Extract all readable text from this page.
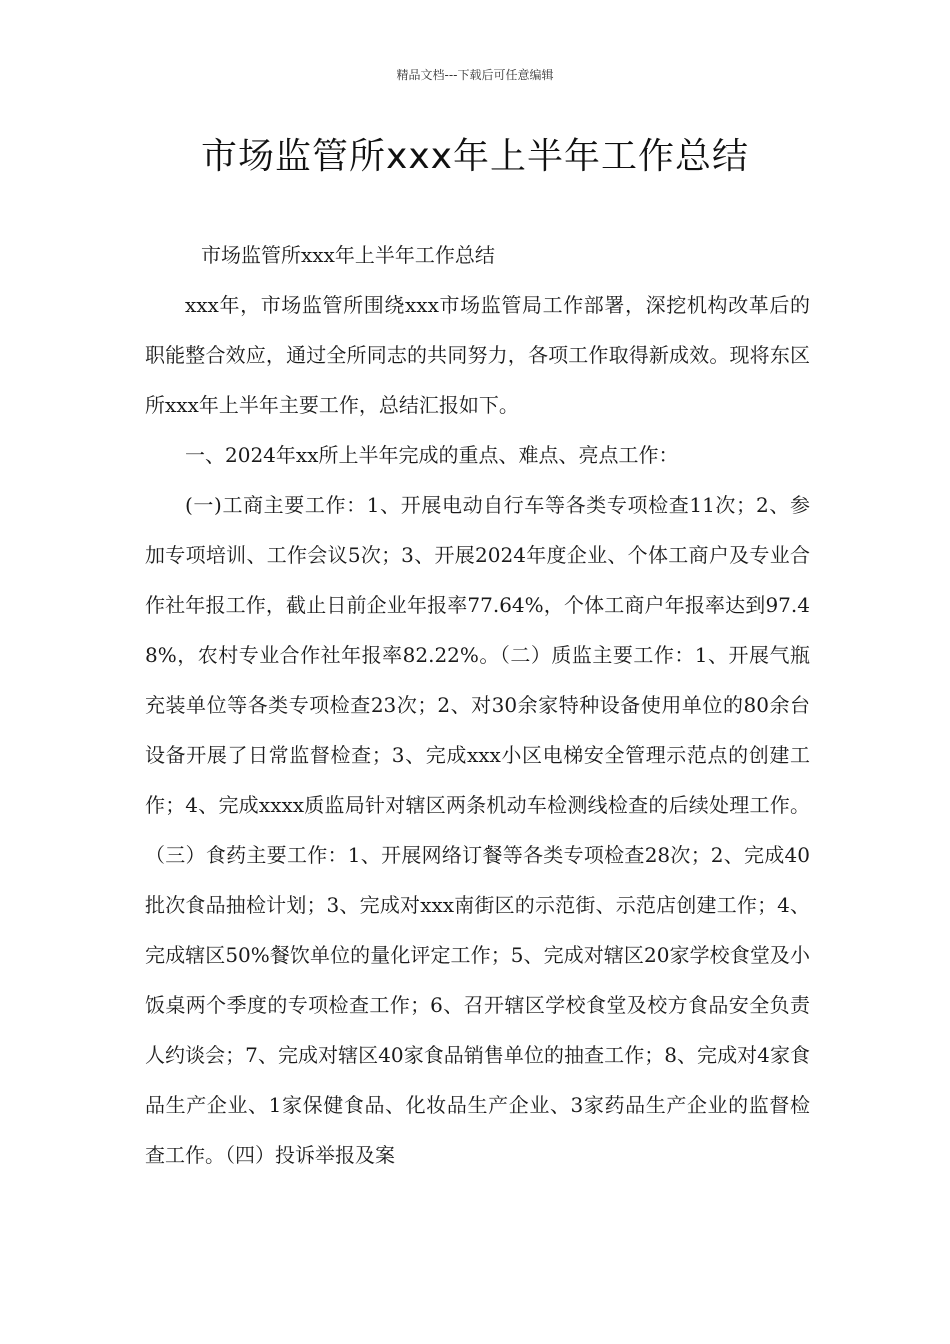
精品文档---下载后可任意编辑
市场监管所xxx年上半年工作总结

市场监管所xxx年上半年工作总结

xxx年，市场监管所围绕xxx市场监管局工作部署，深挖机构改革后的职能整合效应，通过全所同志的共同努力，各项工作取得新成效。现将东区所xxx年上半年主要工作，总结汇报如下。

一、2024年xx所上半年完成的重点、难点、亮点工作：

(一)工商主要工作：1、开展电动自行车等各类专项检查11次；2、参加专项培训、工作会议5次；3、开展2024年度企业、个体工商户及专业合作社年报工作，截止日前企业年报率77.64%，个体工商户年报率达到97.48%，农村专业合作社年报率82.22%。（二）质监主要工作：1、开展气瓶充装单位等各类专项检查23次；2、对30余家特种设备使用单位的80余台设备开展了日常监督检查；3、完成xxx小区电梯安全管理示范点的创建工作；4、完成xxxx质监局针对辖区两条机动车检测线检查的后续处理工作。（三）食药主要工作：1、开展网络订餐等各类专项检查28次；2、完成40批次食品抽检计划；3、完成对xxx南街区的示范街、示范店创建工作；4、完成辖区50%餐饮单位的量化评定工作；5、完成对辖区20家学校食堂及小饭桌两个季度的专项检查工作；6、召开辖区学校食堂及校方食品安全负责人约谈会；7、完成对辖区40家食品销售单位的抽查工作；8、完成对4家食品生产企业、1家保健食品、化妆品生产企业、3家药品生产企业的监督检查工作。（四）投诉举报及案
